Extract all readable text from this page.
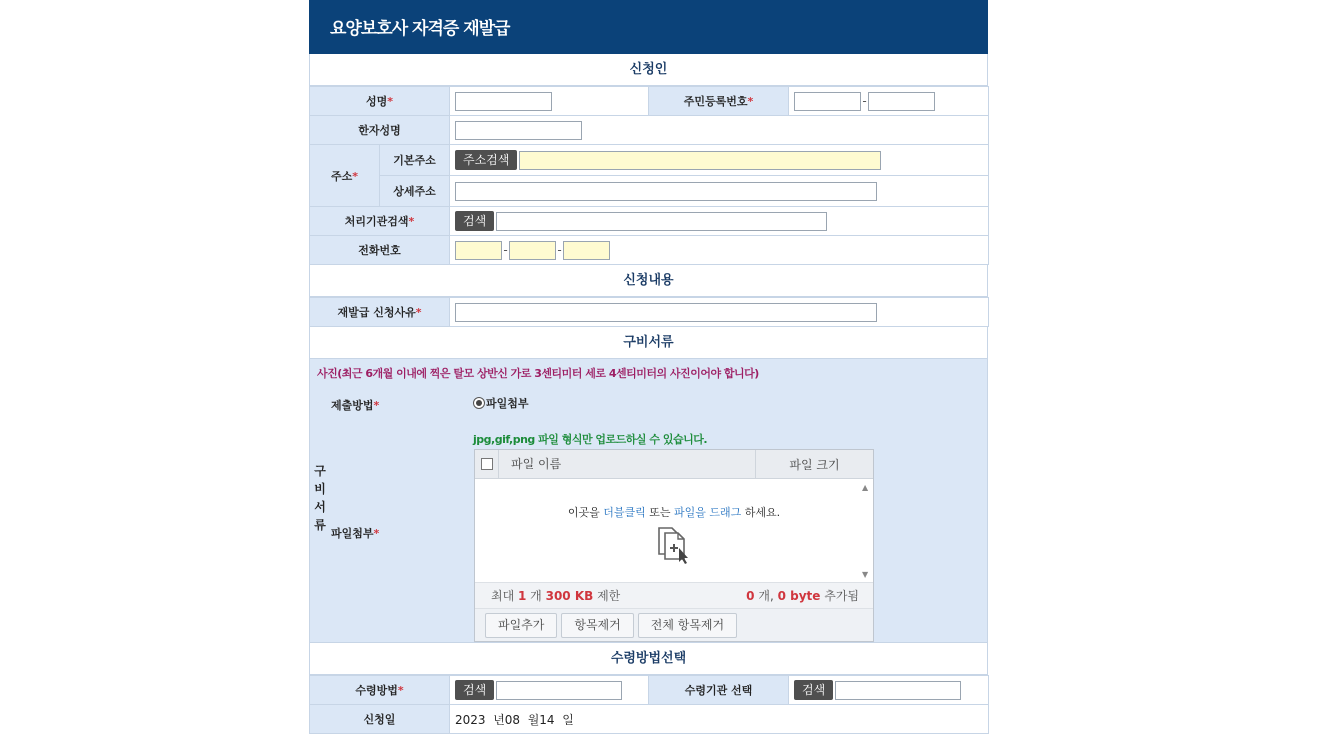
요양보호사 자격증 재발급
신청인
성명*			주민등록번호*	-
한자성명	
주소*	기본주소	주소검색		
	상세주소	
처리기관검색*		검색		
전화번호		- -		
신청내용
재발급 신청사유*	
구비서류
사진(최근 6개월 이내에 찍은 탈모 상반신 가로 3센티미터 세로 4센티미터의 사진이어야 합니다)
구
비
서
류
제출방법*	파일첨부
jpg,gif,png 파일 형식만 업로드하실 수 있습니다.
파일첨부*
파일 이름	파일 크기
이곳을 더블클릭 또는 파일을 드래그 하세요.
▲
▼
최대 1 개 300 KB 제한	0 개, 0 byte 추가됨
파일추가	항목제거	전체 항목제거
수령방법선택
수령방법*	검색	수령기관 선택	검색
신청일	2023 년08 월14 일		
